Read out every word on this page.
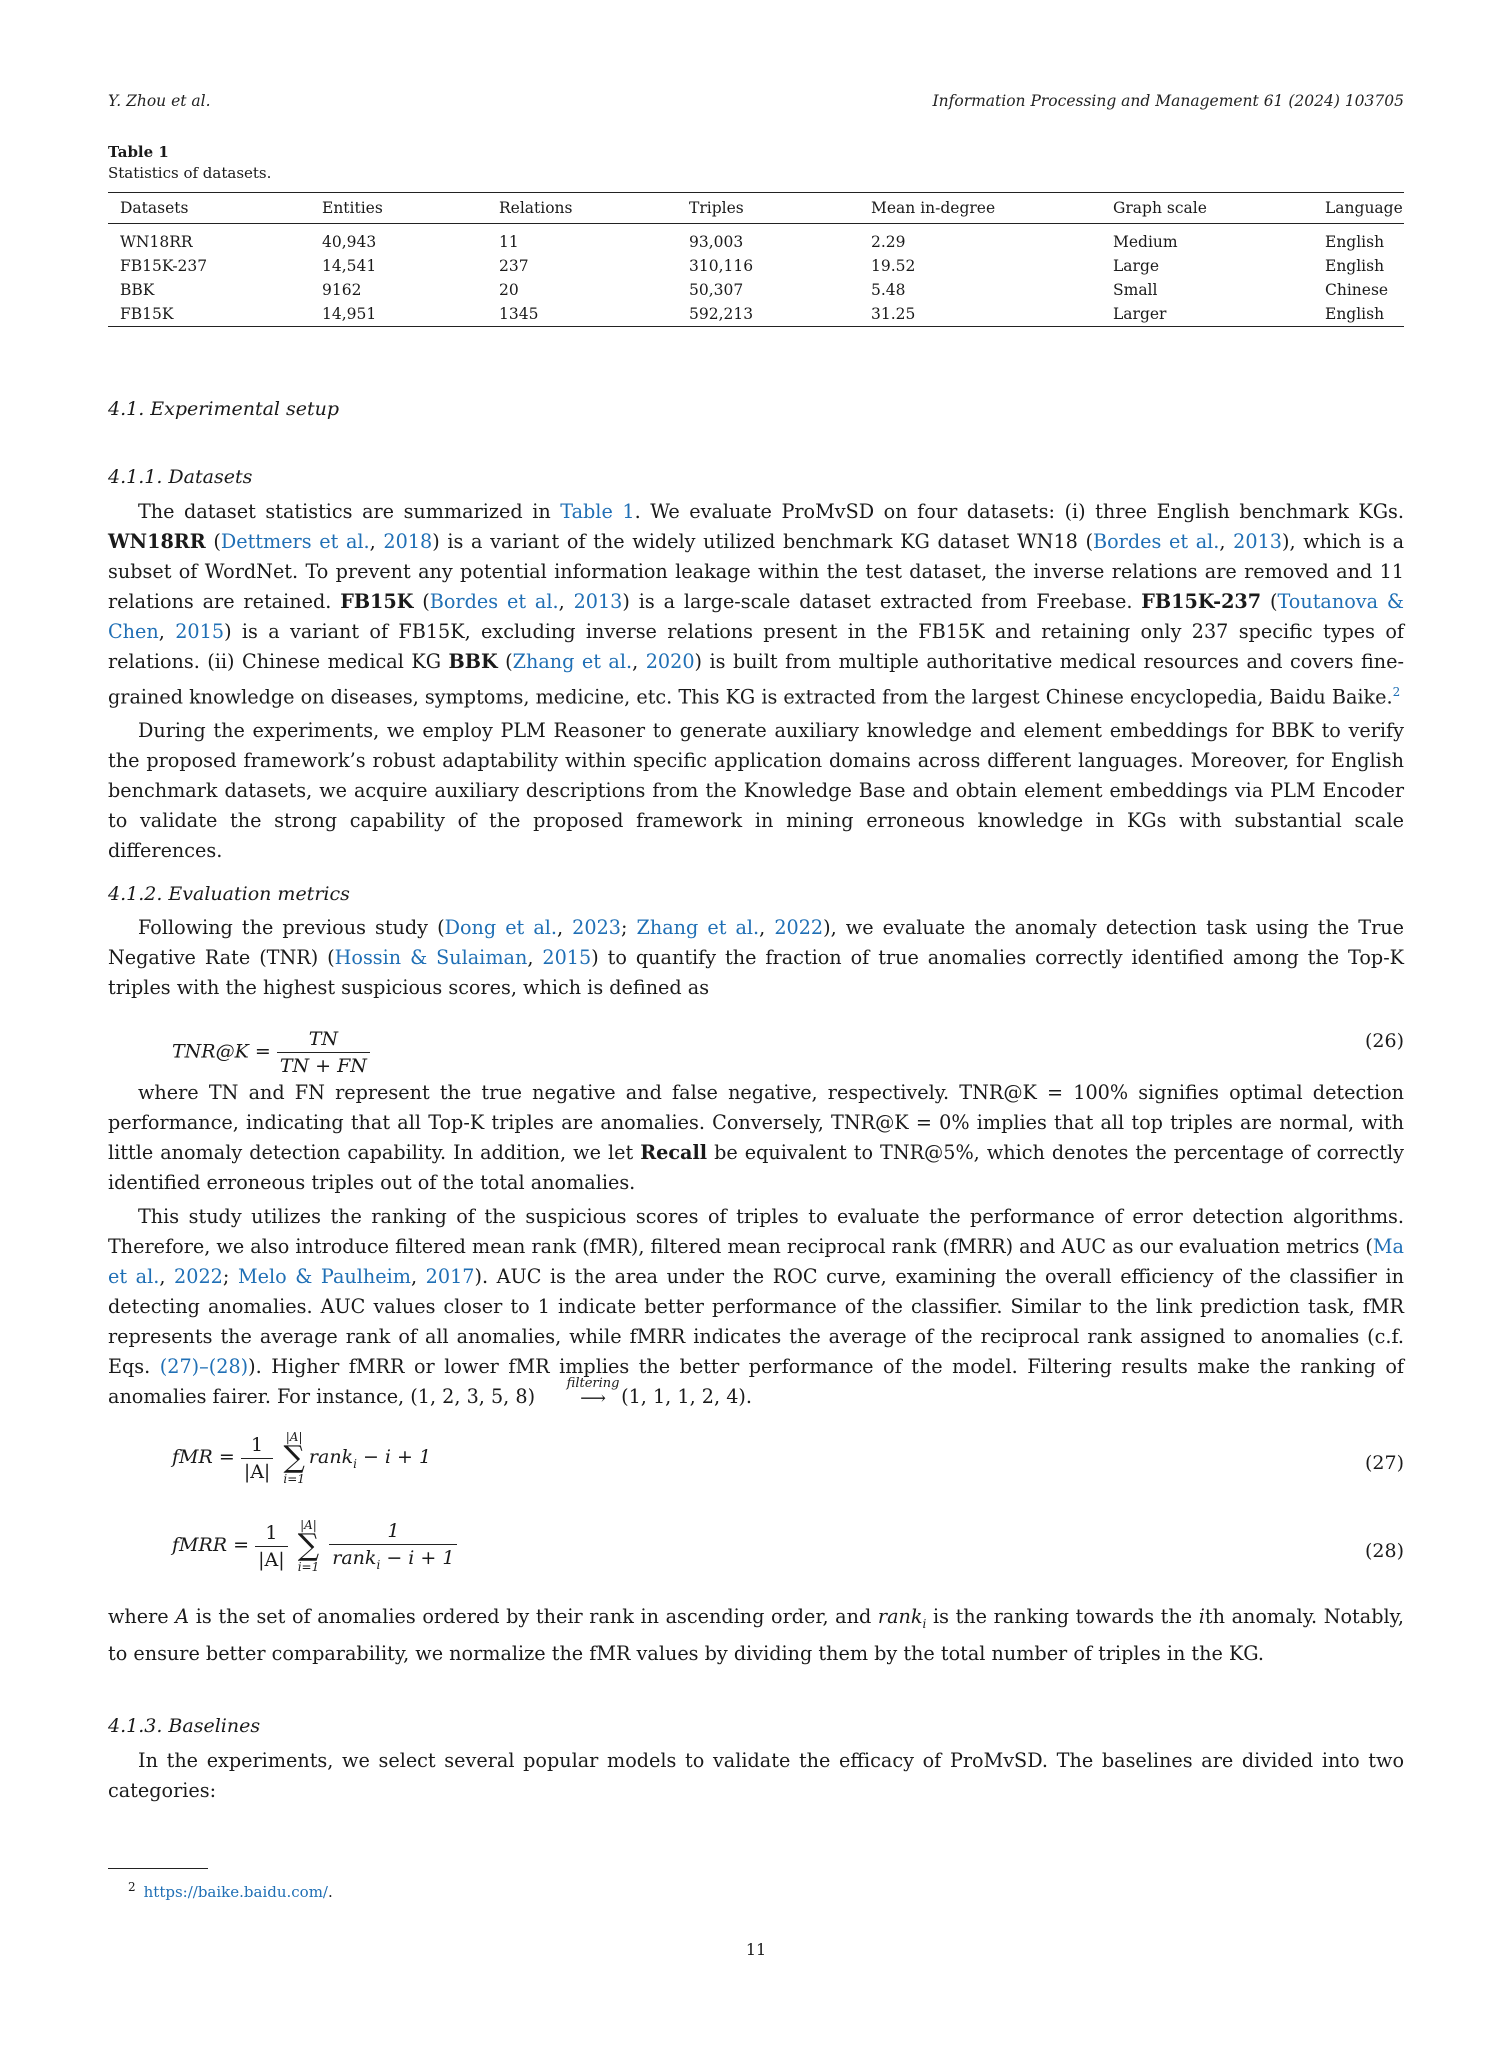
Y. Zhou et al.	Information Processing and Management 61 (2024) 103705
Table 1
Statistics of datasets.
Datasets	Entities	Relations	Triples	Mean in-degree	Graph scale	Language
WN18RR	40,943	11	93,003	2.29	Medium	English
FB15K-237	14,541	237	310,116	19.52	Large	English
BBK	9162	20	50,307	5.48	Small	Chinese
FB15K	14,951	1345	592,213	31.25	Larger	English
4.1. Experimental setup
4.1.1. Datasets

The dataset statistics are summarized in Table 1. We evaluate ProMvSD on four datasets: (i) three English benchmark KGs. WN18RR (Dettmers et al., 2018) is a variant of the widely utilized benchmark KG dataset WN18 (Bordes et al., 2013), which is a subset of WordNet. To prevent any potential information leakage within the test dataset, the inverse relations are removed and 11 relations are retained. FB15K (Bordes et al., 2013) is a large-scale dataset extracted from Freebase. FB15K-237 (Toutanova & Chen, 2015) is a variant of FB15K, excluding inverse relations present in the FB15K and retaining only 237 specific types of relations. (ii) Chinese medical KG BBK (Zhang et al., 2020) is built from multiple authoritative medical resources and covers fine-grained knowledge on diseases, symptoms, medicine, etc. This KG is extracted from the largest Chinese encyclopedia, Baidu Baike.$^2$

During the experiments, we employ PLM Reasoner to generate auxiliary knowledge and element embeddings for BBK to verify the proposed framework’s robust adaptability within specific application domains across different languages. Moreover, for English benchmark datasets, we acquire auxiliary descriptions from the Knowledge Base and obtain element embeddings via PLM Encoder to validate the strong capability of the proposed framework in mining erroneous knowledge in KGs with substantial scale differences.

4.1.2. Evaluation metrics

Following the previous study (Dong et al., 2023; Zhang et al., 2022), we evaluate the anomaly detection task using the True Negative Rate (TNR) (Hossin & Sulaiman, 2015) to quantify the fraction of true anomalies correctly identified among the Top-K triples with the highest suspicious scores, which is defined as

TNR@K = $\frac{TN}{TN + FN}$	(26)

where TN and FN represent the true negative and false negative, respectively. TNR@K = 100% signifies optimal detection performance, indicating that all Top-K triples are anomalies. Conversely, TNR@K = 0% implies that all top triples are normal, with little anomaly detection capability. In addition, we let Recall be equivalent to TNR@5%, which denotes the percentage of correctly identified erroneous triples out of the total anomalies.

This study utilizes the ranking of the suspicious scores of triples to evaluate the performance of error detection algorithms. Therefore, we also introduce filtered mean rank (fMR), filtered mean reciprocal rank (fMRR) and AUC as our evaluation metrics (Ma et al., 2022; Melo & Paulheim, 2017). AUC is the area under the ROC curve, examining the overall efficiency of the classifier in detecting anomalies. AUC values closer to 1 indicate better performance of the classifier. Similar to the link prediction task, fMR represents the average rank of all anomalies, while fMRR indicates the average of the reciprocal rank assigned to anomalies (c.f. Eqs. (27)–(28)). Higher fMRR or lower fMR implies the better performance of the model. Filtering results make the ranking of anomalies fairer. For instance, (1, 2, 3, 5, 8)
filtering
⟶ (1, 1, 1, 2, 4).

fMR = $\frac{1}{|A|}$
|A|
∑
i=1
rank$_i$ − i + 1	(27)
fMRR = $\frac{1}{|A|}$
|A|
∑
i=1
$\frac{1}{rank_i - i + 1}$	(28)

where A is the set of anomalies ordered by their rank in ascending order, and rank$_i$ is the ranking towards the ith anomaly. Notably, to ensure better comparability, we normalize the fMR values by dividing them by the total number of triples in the KG.

4.1.3. Baselines

In the experiments, we select several popular models to validate the efficacy of ProMvSD. The baselines are divided into two categories:

$^2$ https://baike.baidu.com/.
11
